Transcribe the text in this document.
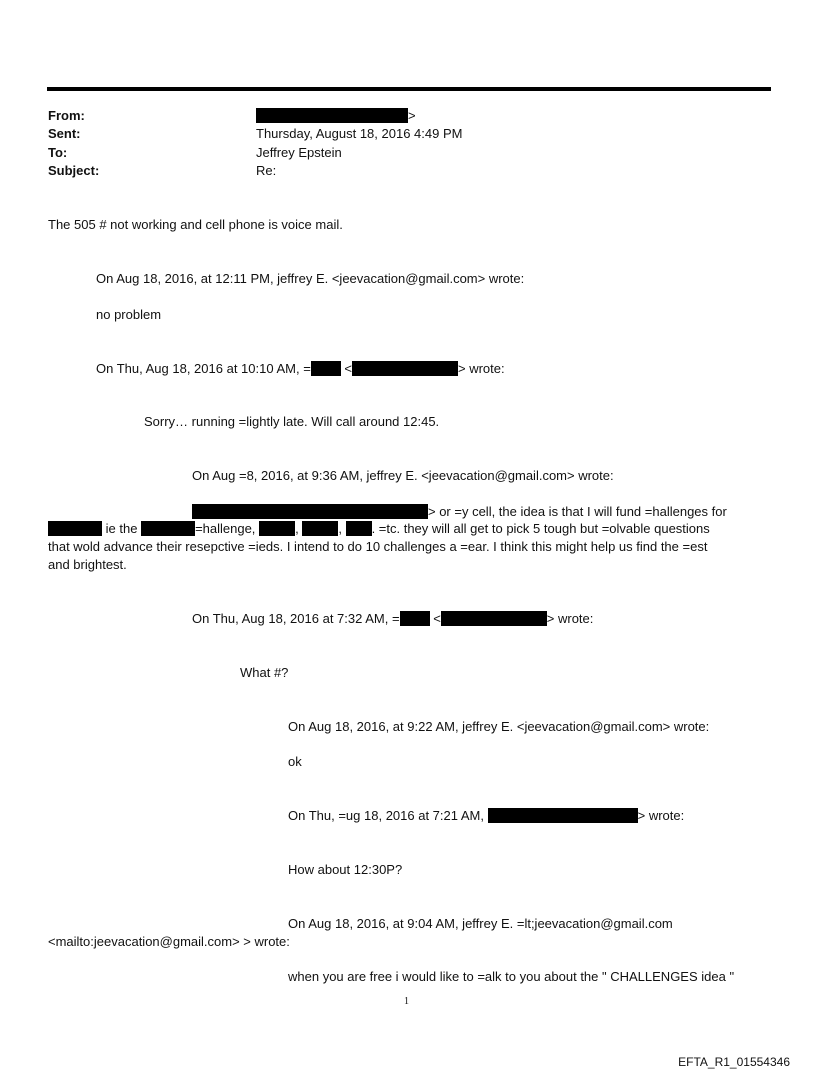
From:	>
Sent:	Thursday, August 18, 2016 4:49 PM
To:	Jeffrey Epstein
Subject:	Re:
The 505 # not working and cell phone is voice mail.
On Aug 18, 2016, at 12:11 PM, jeffrey E. <jeevacation@gmail.com> wrote:
no problem
On Thu, Aug 18, 2016 at 10:10 AM, =	<	> wrote:
Sorry… running =lightly late. Will call around 12:45.
On Aug =8, 2016, at 9:36 AM, jeffrey E. <jeevacation@gmail.com> wrote:
> or =y cell, the idea is that I will fund =hallenges for
ie the	=hallenge,	,	, . =tc. they will all get to pick 5 tough but =olvable questions
that wold advance their resepctive =ieds. I intend to do 10 challenges a =ear. I think this might help us find the =est
and brightest.
On Thu, Aug 18, 2016 at 7:32 AM, =	<	> wrote:
What #?
On Aug 18, 2016, at 9:22 AM, jeffrey E. <jeevacation@gmail.com> wrote:
ok
On Thu, =ug 18, 2016 at 7:21 AM,	> wrote:
How about 12:30P?
On Aug 18, 2016, at 9:04 AM, jeffrey E. =lt;jeevacation@gmail.com
<mailto:jeevacation@gmail.com> > wrote:
when you are free i would like to =alk to you about the " CHALLENGES idea "
1
EFTA_R1_01554346
